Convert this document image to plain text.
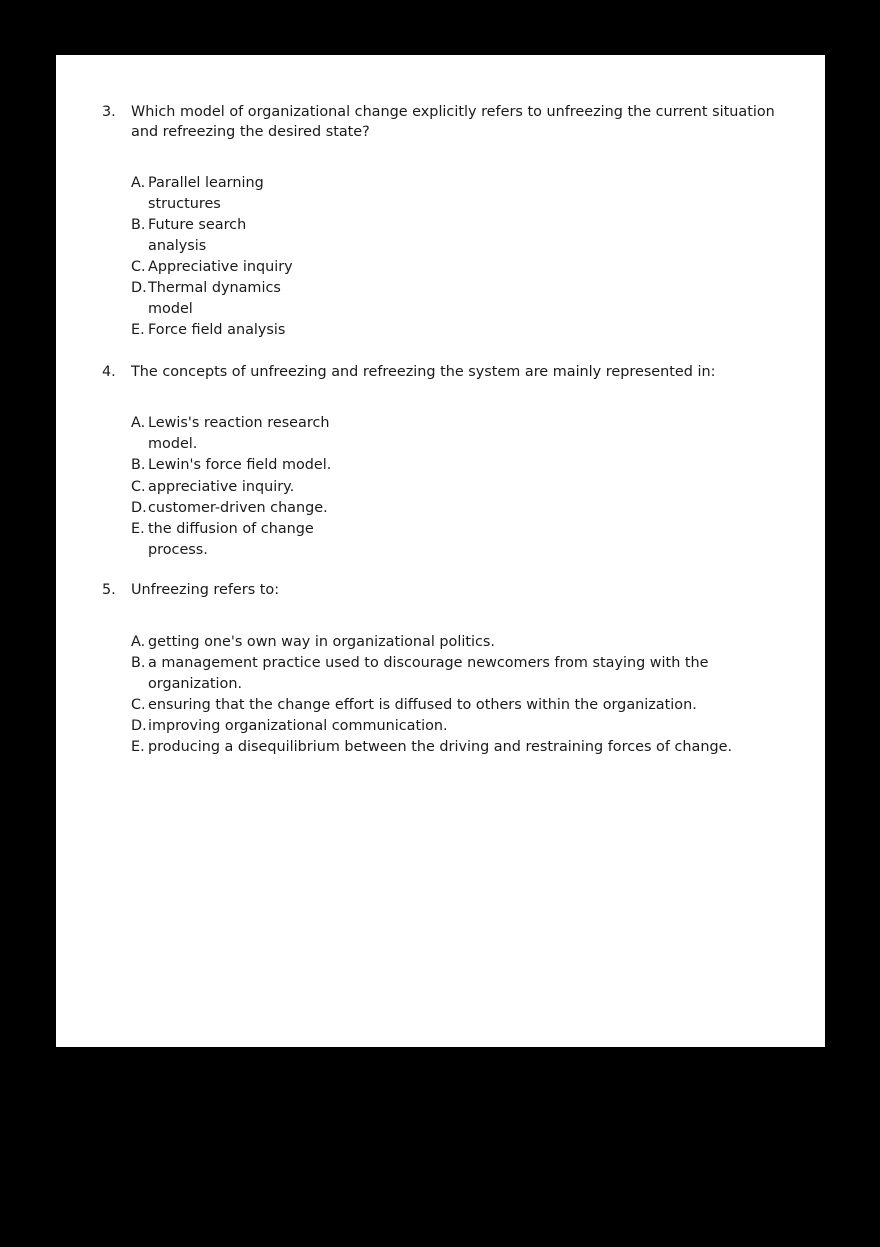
3.	Which model of organizational change explicitly refers to unfreezing the current situation and refreezing the desired state?
A. Parallel learning structures
B. Future search analysis
C. Appreciative inquiry
D. Thermal dynamics model
E. Force field analysis
4.	The concepts of unfreezing and refreezing the system are mainly represented in:
A. Lewis's reaction research model.
B. Lewin's force field model.
C. appreciative inquiry.
D. customer-driven change.
E. the diffusion of change process.
5.	Unfreezing refers to:
A. getting one's own way in organizational politics.
B. a management practice used to discourage newcomers from staying with the organization.
C. ensuring that the change effort is diffused to others within the organization.
D. improving organizational communication.
E. producing a disequilibrium between the driving and restraining forces of change.
